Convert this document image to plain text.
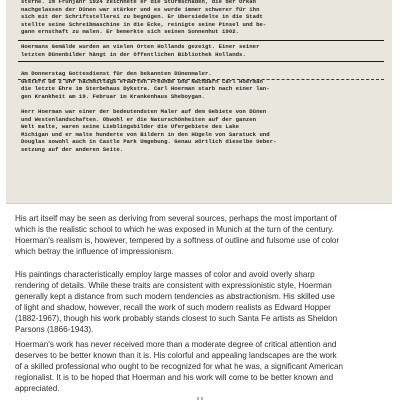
sterne. Im Frühjahr 1924 zeichnete er die Sturmschaden, die der Orkan
nachgelassen der Dünen war stärker und es wurde immer schwerer für ihn
sich mit der Schriftstellerei zu begnügen. Er übersiedelte in die Stadt
stellte seine Schreibmaschine in die Ecke, reinigte seine Pinsel und be-
gann ernsthaft zu malen. Er bemerkte sich seinen Sonnenhut 1902.
Hoermans Gemälde wurden an vielen Orten Hollands gezeigt. Einer seiner
letzten Dünenbilder hängt in der öffentlichen Bibliothek Hollands.
Am Donnerstag Gottesdienst für den bekannten Dünenmaler.
Gestern um 2 Uhr nachmittags erwarten Freunde und Nachbarn Carl Hoerman
die letzte Ehre im Sterbehaus Dykstra. Carl Hoerman starb nach einer lan-
gen Krankheit am 19. Februar im Krankenhaus Sheboygan.
Herr Hoerman war einer der bedeutendsten Maler auf dem Gebiete von Dünen
und Westenlandschaften. Obwohl er die Naturschönheiten auf der ganzen
Welt malte, waren seine Lieblingsbilder die Ufergebiete des Lake
Michigan und er malte hunderte von Bildern in den Hügeln von Saratuck und
Douglas sowohl auch in Castle Park Umgebung. Genau wörtlich dieselbe Ueber-
setzung auf der anderen Seite.
His art itself may be seen as deriving from several sources, perhaps the most important of
which is the realistic school to which he was exposed in Munich at the turn of the century.
Hoerman's realism is, however, tempered by a softness of outline and fulsome use of color
which betray the influence of impressionism.
His paintings characteristically employ large masses of color and avoid overly sharp
rendering of details. While these traits are consistent with expressionistic style, Hoerman
generally kept a distance from such modern tendencies as abstractionism. His skilled use
of light and shadow, however, recall the work of such modern realists as Edward Hopper
(1882-1967), though his work probably stands closest to such Santa Fe artists as Sheldon
Parsons (1866-1943).
Hoerman's work has never received more than a moderate degree of critical attention and
deserves to be better known than it is. His colorful and appealing landscapes are the work
of a skilled professional who ought to be recognized for what he was, a significant American
regionalist. It is to be hoped that Hoerman and his work will come to be better known and
appreciated.
